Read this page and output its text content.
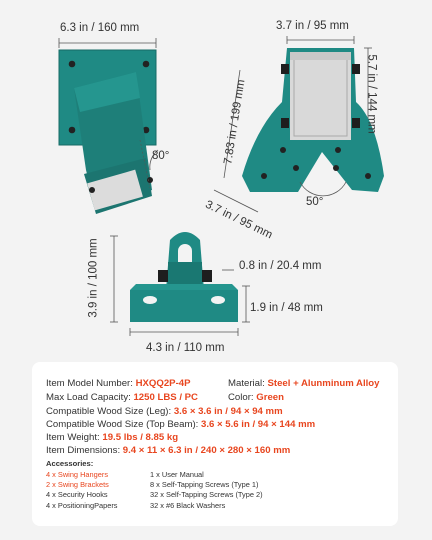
6.3 in / 160 mm	3.7 in / 95 mm
5.7 in / 144 mm
7.83 in / 199 mm
3.7 in / 95 mm
80°
50°
3.9 in / 100 mm	0.8 in / 20.4 mm
1.9 in / 48 mm
4.3 in / 110 mm
Item Model Number: HXQQ2P-4P	Material: Steel + Alunminum Alloy
Max Load Capacity: 1250 LBS / PC	Color: Green
Compatible Wood Size (Leg): 3.6 × 3.6 in / 94 × 94 mm
Compatible Wood Size (Top Beam): 3.6 × 5.6 in / 94 × 144 mm
Item Weight: 19.5 lbs / 8.85 kg
Item Dimensions: 9.4 × 11 × 6.3 in / 240 × 280 × 160 mm
Accessories:
4 x Swing Hangers
2 x Swing Brackets
4 x Security Hooks
4 x PositioningPapers
1 x User Manual
8 x Self-Tapping Screws (Type 1)
32 x Self-Tapping Screws (Type 2)
32 x #6 Black Washers
